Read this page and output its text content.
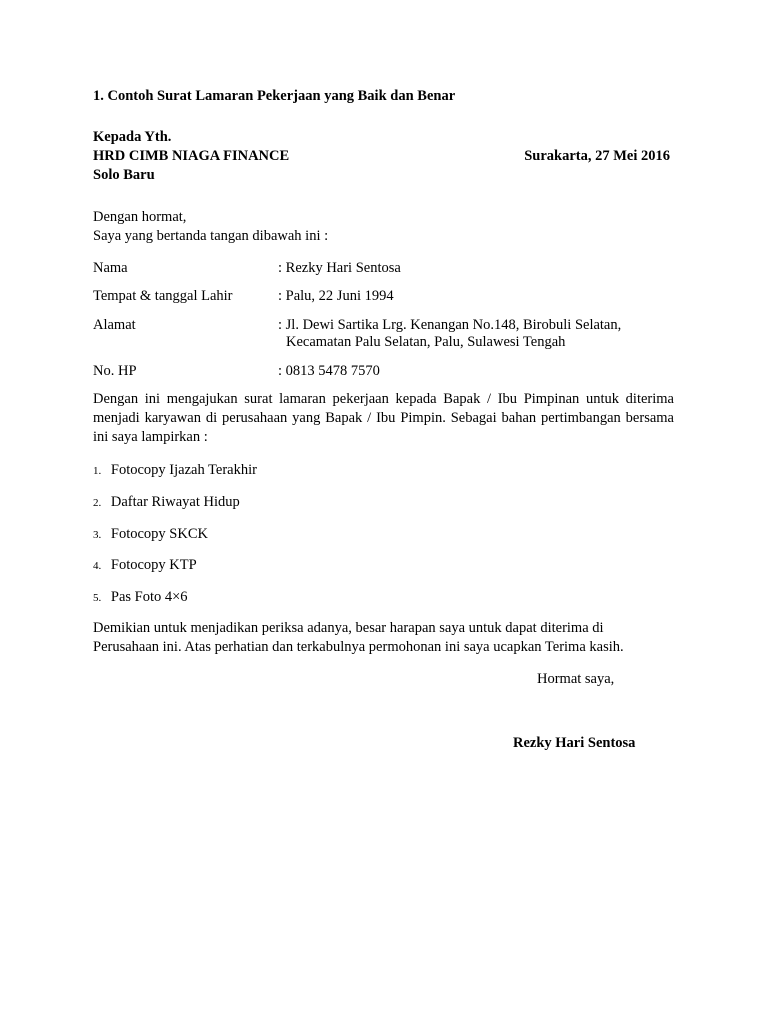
1. Contoh Surat Lamaran Pekerjaan yang Baik dan Benar
Kepada Yth.
HRD CIMB NIAGA FINANCE	Surakarta, 27 Mei 2016
Solo Baru
Dengan hormat,
Saya yang bertanda tangan dibawah ini :
Nama	: Rezky Hari Sentosa
Tempat & tanggal Lahir	: Palu, 22 Juni 1994
Alamat	: Jl. Dewi Sartika Lrg. Kenangan No.148, Birobuli Selatan,
Kecamatan Palu Selatan, Palu, Sulawesi Tengah
No. HP	: 0813 5478 7570
Dengan ini mengajukan surat lamaran pekerjaan kepada Bapak / Ibu Pimpinan untuk diterima menjadi karyawan di perusahaan yang Bapak / Ibu Pimpin. Sebagai bahan pertimbangan bersama ini saya lampirkan :
1. Fotocopy Ijazah Terakhir
2. Daftar Riwayat Hidup
3. Fotocopy SKCK
4. Fotocopy KTP
5. Pas Foto 4×6
Demikian untuk menjadikan periksa adanya, besar harapan saya untuk dapat diterima di
Perusahaan ini. Atas perhatian dan terkabulnya permohonan ini saya ucapkan Terima kasih.
Hormat saya,
Rezky Hari Sentosa
